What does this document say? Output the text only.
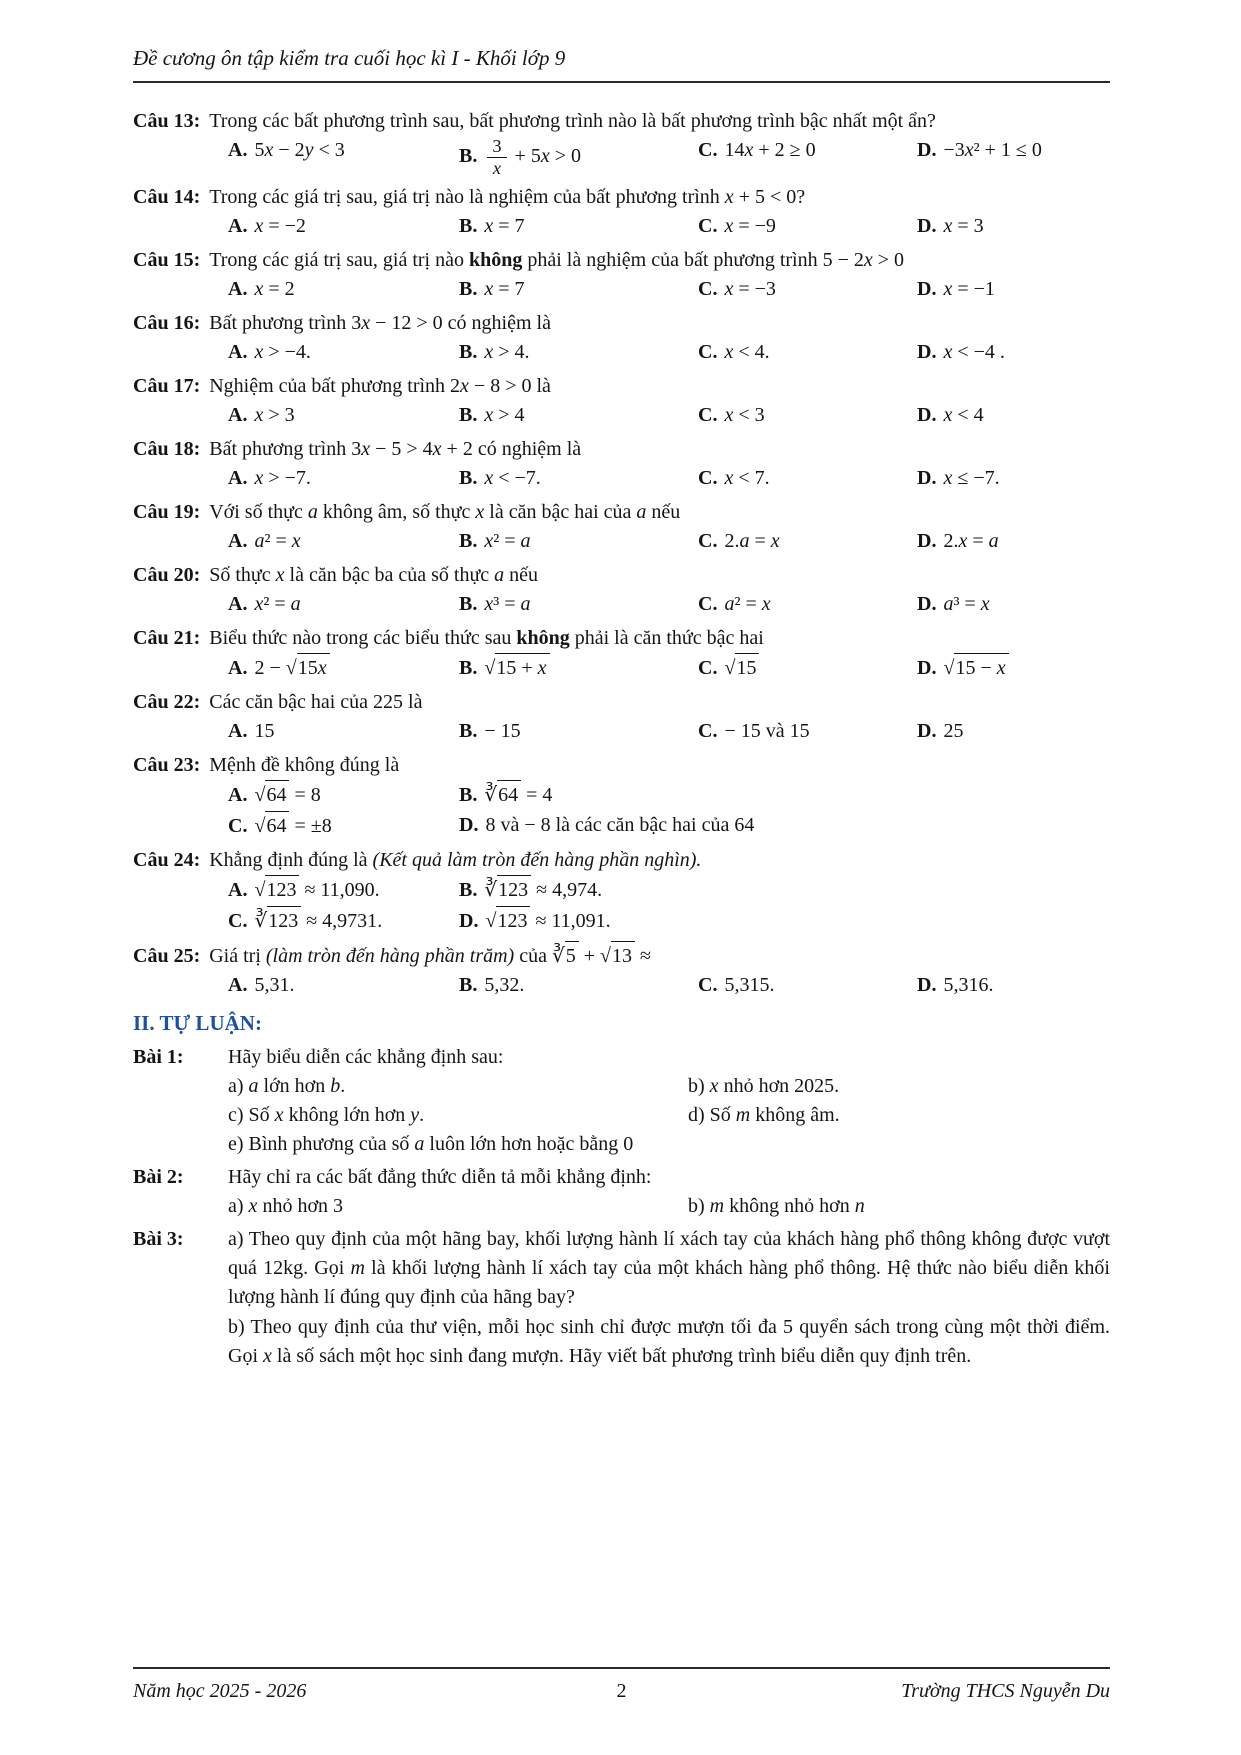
Đề cương ôn tập kiểm tra cuối học kì I - Khối lớp 9

Câu 13: Trong các bất phương trình sau, bất phương trình nào là bất phương trình bậc nhất một ẩn?

A. 5x − 2y < 3	B. $\frac{3}{x} + 5x > 0$	C. 14x + 2 ≥ 0	D. −3x² + 1 ≤ 0

Câu 14: Trong các giá trị sau, giá trị nào là nghiệm của bất phương trình x + 5 < 0?

A. x = −2	B. x = 7	C. x = −9	D. x = 3

Câu 15: Trong các giá trị sau, giá trị nào không phải là nghiệm của bất phương trình 5 − 2x > 0

A. x = 2	B. x = 7	C. x = −3	D. x = −1

Câu 16: Bất phương trình 3x − 12 > 0 có nghiệm là

A. x > −4.	B. x > 4.	C. x < 4.	D. x < −4 .

Câu 17: Nghiệm của bất phương trình 2x − 8 > 0 là

A. x > 3	B. x > 4	C. x < 3	D. x < 4

Câu 18: Bất phương trình 3x − 5 > 4x + 2 có nghiệm là

A. x > −7.	B. x < −7.	C. x < 7.	D. x ≤ −7.

Câu 19: Với số thực a không âm, số thực x là căn bậc hai của a nếu

A. a² = x	B. x² = a	C. 2.a = x	D. 2.x = a

Câu 20: Số thực x là căn bậc ba của số thực a nếu

A. x² = a	B. x³ = a	C. a² = x	D. a³ = x

Câu 21: Biểu thức nào trong các biểu thức sau không phải là căn thức bậc hai

A. 2 − √15x	B. √15 + x	C. √15	D. √15 − x

Câu 22: Các căn bậc hai của 225 là

A. 15	B. − 15	C. − 15 và 15	D. 25

Câu 23: Mệnh đề không đúng là

A. √64 = 8	B. ∛64 = 4
C. √64 = ±8	D. 8 và − 8 là các căn bậc hai của 64

Câu 24: Khẳng định đúng là (Kết quả làm tròn đến hàng phần nghìn).

A. √123 ≈ 11,090.	B. ∛123 ≈ 4,974.
C. ∛123 ≈ 4,9731.	D. √123 ≈ 11,091.

Câu 25: Giá trị (làm tròn đến hàng phần trăm) của ∛5 + √13 ≈

A. 5,31.	B. 5,32.	C. 5,315.	D. 5,316.
II. TỰ LUẬN:
Bài 1:	Hãy biểu diễn các khẳng định sau:

a) a lớn hơn b.	b) x nhỏ hơn 2025.
c) Số x không lớn hơn y.	d) Số m không âm.
e) Bình phương của số a luôn lớn hơn hoặc bằng 0
Bài 2:	Hãy chỉ ra các bất đẳng thức diễn tả mỗi khẳng định:

a) x nhỏ hơn 3	b) m không nhỏ hơn n
Bài 3:	a) Theo quy định của một hãng bay, khối lượng hành lí xách tay của khách hàng phổ thông không được vượt quá 12kg. Gọi m là khối lượng hành lí xách tay của một khách hàng phổ thông. Hệ thức nào biểu diễn khối lượng hành lí đúng quy định của hãng bay?

b) Theo quy định của thư viện, mỗi học sinh chỉ được mượn tối đa 5 quyển sách trong cùng một thời điểm. Gọi x là số sách một học sinh đang mượn. Hãy viết bất phương trình biểu diễn quy định trên.

Năm học 2025 - 2026	2	Trường THCS Nguyễn Du
